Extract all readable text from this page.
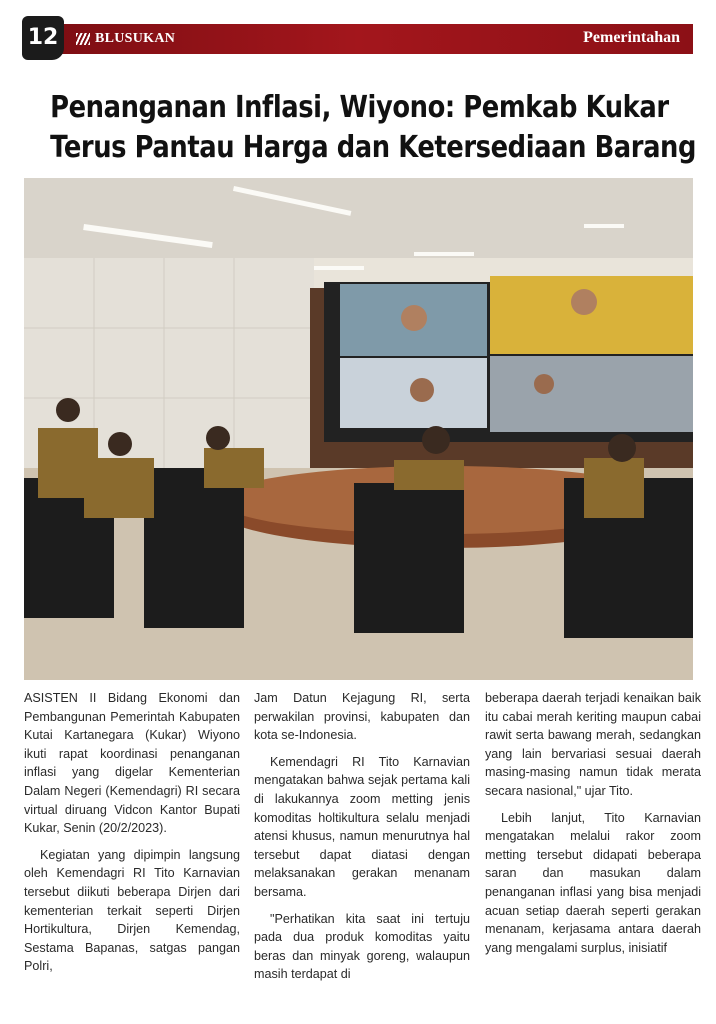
12	BLUSUKAN	Pemerintahan
Penanganan Inflasi, Wiyono: Pemkab Kukar
Terus Pantau Harga dan Ketersediaan Barang

ASISTEN II Bidang Ekonomi dan Pembangunan Pemerintah Kabupaten Kutai Kartanegara (Kukar) Wiyono ikuti rapat koordinasi penanganan inflasi yang digelar Kementerian Dalam Negeri (Kemendagri) RI secara virtual diruang Vidcon Kantor Bupati Kukar, Senin (20/2/2023).

Kegiatan yang dipimpin langsung oleh Kemendagri RI Tito Karnavian tersebut diikuti beberapa Dirjen dari kementerian terkait seperti Dirjen Hortikultura, Dirjen Kemendag, Sestama Bapanas, satgas pangan Polri,

Jam Datun Kejagung RI, serta perwakilan provinsi, kabupaten dan kota se-Indonesia.

Kemendagri RI Tito Karnavian mengatakan bahwa sejak pertama kali di lakukannya zoom metting jenis komoditas holtikultura selalu menjadi atensi khusus, namun menurutnya hal tersebut dapat diatasi dengan melaksanakan gerakan menanam bersama.

"Perhatikan kita saat ini tertuju pada dua produk komoditas yaitu beras dan minyak goreng, walaupun masih terdapat di

beberapa daerah terjadi kenaikan baik itu cabai merah keriting maupun cabai rawit serta bawang merah, sedangkan yang lain bervariasi sesuai daerah masing-masing namun tidak merata secara nasional," ujar Tito.

Lebih lanjut, Tito Karnavian mengatakan melalui rakor zoom metting tersebut didapati beberapa saran dan masukan dalam penanganan inflasi yang bisa menjadi acuan setiap daerah seperti gerakan menanam, kerjasama antara daerah yang mengalami surplus, inisiatif
